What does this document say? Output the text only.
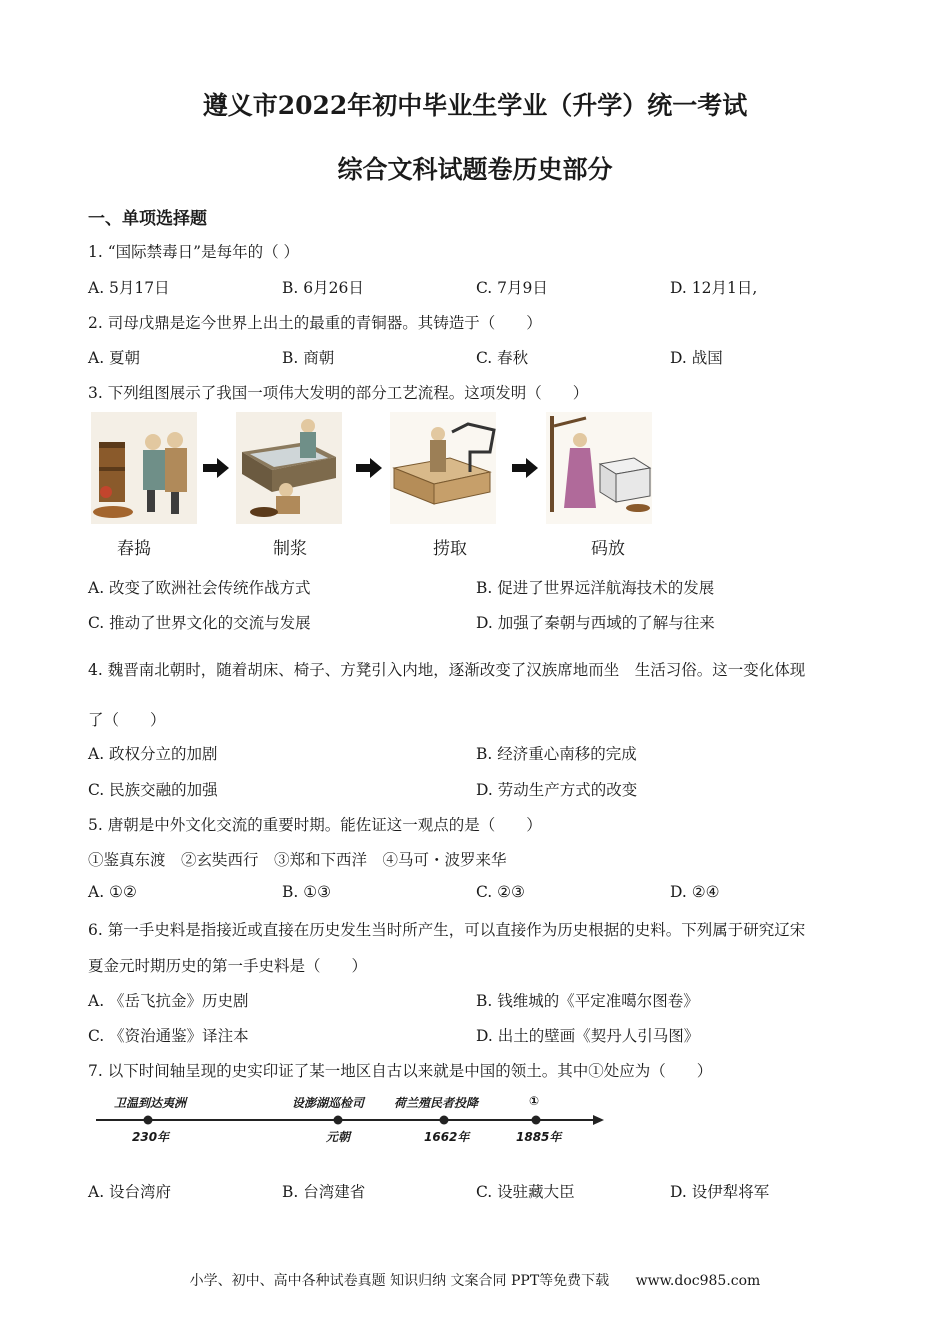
遵义市2022年初中毕业生学业（升学）统一考试
综合文科试题卷历史部分
一、单项选择题
1. “国际禁毒日”是每年的（ ）
A. 5月17日	B. 6月26日	C. 7月9日	D. 12月1日,
2. 司母戊鼎是迄今世界上出土的最重的青铜器。其铸造于（　　）
A. 夏朝	B. 商朝	C. 春秋	D. 战国
3. 下列组图展示了我国一项伟大发明的部分工艺流程。这项发明（　　）
舂捣	制浆	捞取	码放
A. 改变了欧洲社会传统作战方式	B. 促进了世界远洋航海技术的发展
C. 推动了世界文化的交流与发展	D. 加强了秦朝与西域的了解与往来
4. 魏晋南北朝时，随着胡床、椅子、方凳引入内地，逐渐改变了汉族席地而坐　生活习俗。这一变化体现
了（　　）
A. 政权分立的加剧	B. 经济重心南移的完成
C. 民族交融的加强	D. 劳动生产方式的改变
5. 唐朝是中外文化交流的重要时期。能佐证这一观点的是（　　）
①鉴真东渡　②玄奘西行　③郑和下西洋　④马可・波罗来华
A. ①②	B. ①③	C. ②③	D. ②④
6. 第一手史料是指接近或直接在历史发生当时所产生，可以直接作为历史根据的史料。下列属于研究辽宋
夏金元时期历史的第一手史料是（　　）
A. 《岳飞抗金》历史剧	B. 钱维城的《平定准噶尔图卷》
C. 《资治通鉴》译注本	D. 出土的壁画《契丹人引马图》
7. 以下时间轴呈现的史实印证了某一地区自古以来就是中国的领土。其中①处应为（　　）
卫温到达夷洲	设澎湖巡检司 荷兰殖民者投降	①
230年	元朝	1662年	1885年
A. 设台湾府	B. 台湾建省	C. 设驻藏大臣	D. 设伊犁将军
小学、初中、高中各种试卷真题 知识归纳 文案合同 PPT等免费下载 www.doc985.com
